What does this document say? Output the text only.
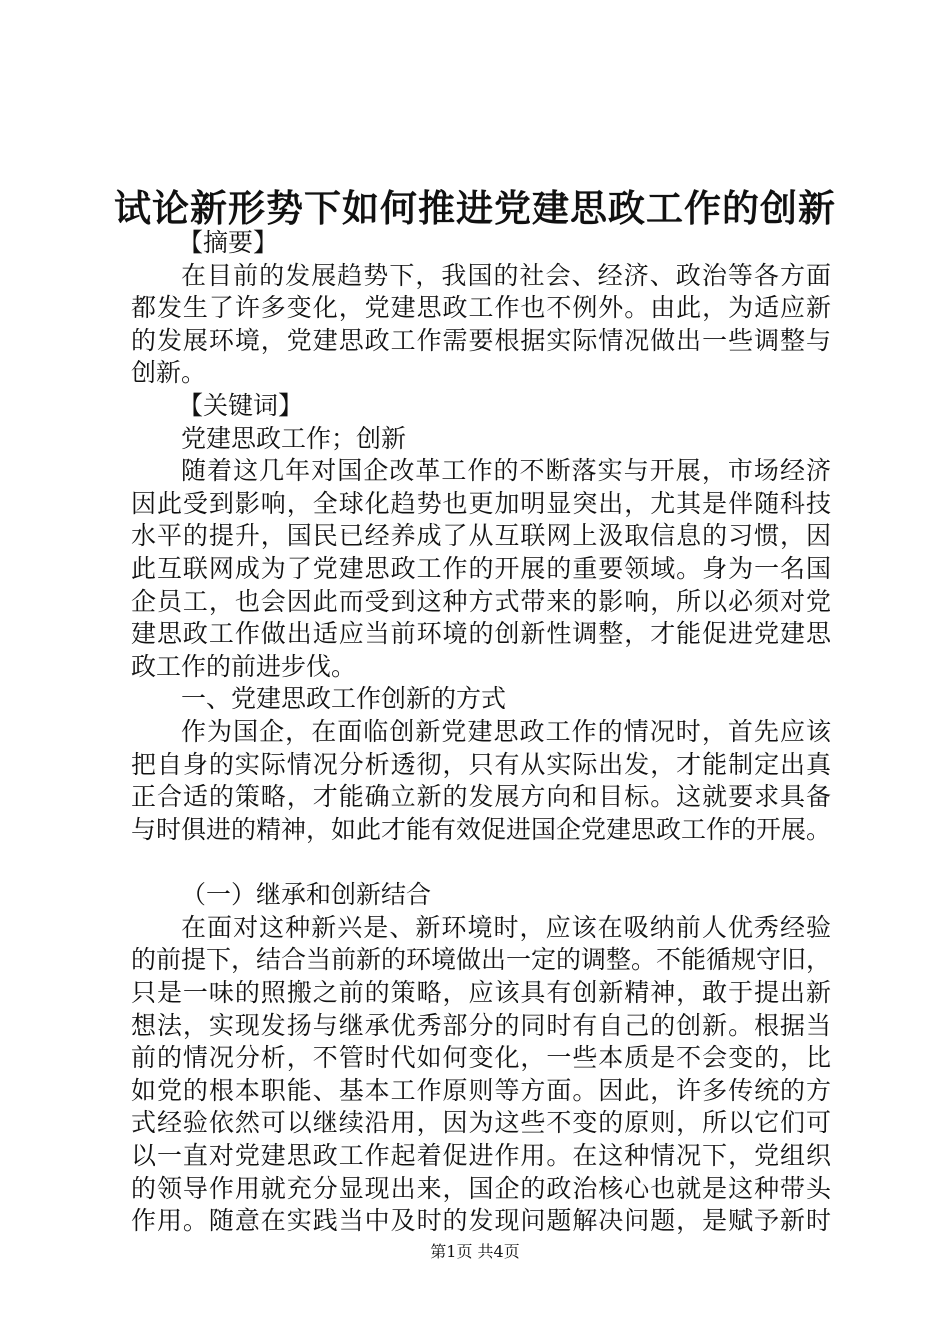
试论新形势下如何推进党建思政工作的创新
【摘要】
在目前的发展趋势下，我国的社会、经济、政治等各方面
都发生了许多变化，党建思政工作也不例外。由此，为适应新
的发展环境，党建思政工作需要根据实际情况做出一些调整与
创新。
【关键词】
党建思政工作；创新
随着这几年对国企改革工作的不断落实与开展，市场经济
因此受到影响，全球化趋势也更加明显突出，尤其是伴随科技
水平的提升，国民已经养成了从互联网上汲取信息的习惯，因
此互联网成为了党建思政工作的开展的重要领域。身为一名国
企员工，也会因此而受到这种方式带来的影响，所以必须对党
建思政工作做出适应当前环境的创新性调整，才能促进党建思
政工作的前进步伐。
一、党建思政工作创新的方式
作为国企，在面临创新党建思政工作的情况时，首先应该
把自身的实际情况分析透彻，只有从实际出发，才能制定出真
正合适的策略，才能确立新的发展方向和目标。这就要求具备
与时俱进的精神，如此才能有效促进国企党建思政工作的开展。
（一）继承和创新结合
在面对这种新兴是、新环境时，应该在吸纳前人优秀经验
的前提下，结合当前新的环境做出一定的调整。不能循规守旧，
只是一味的照搬之前的策略，应该具有创新精神，敢于提出新
想法，实现发扬与继承优秀部分的同时有自己的创新。根据当
前的情况分析，不管时代如何变化，一些本质是不会变的，比
如党的根本职能、基本工作原则等方面。因此，许多传统的方
式经验依然可以继续沿用，因为这些不变的原则，所以它们可
以一直对党建思政工作起着促进作用。在这种情况下，党组织
的领导作用就充分显现出来，国企的政治核心也就是这种带头
作用。随意在实践当中及时的发现问题解决问题，是赋予新时
第1页 共4页
